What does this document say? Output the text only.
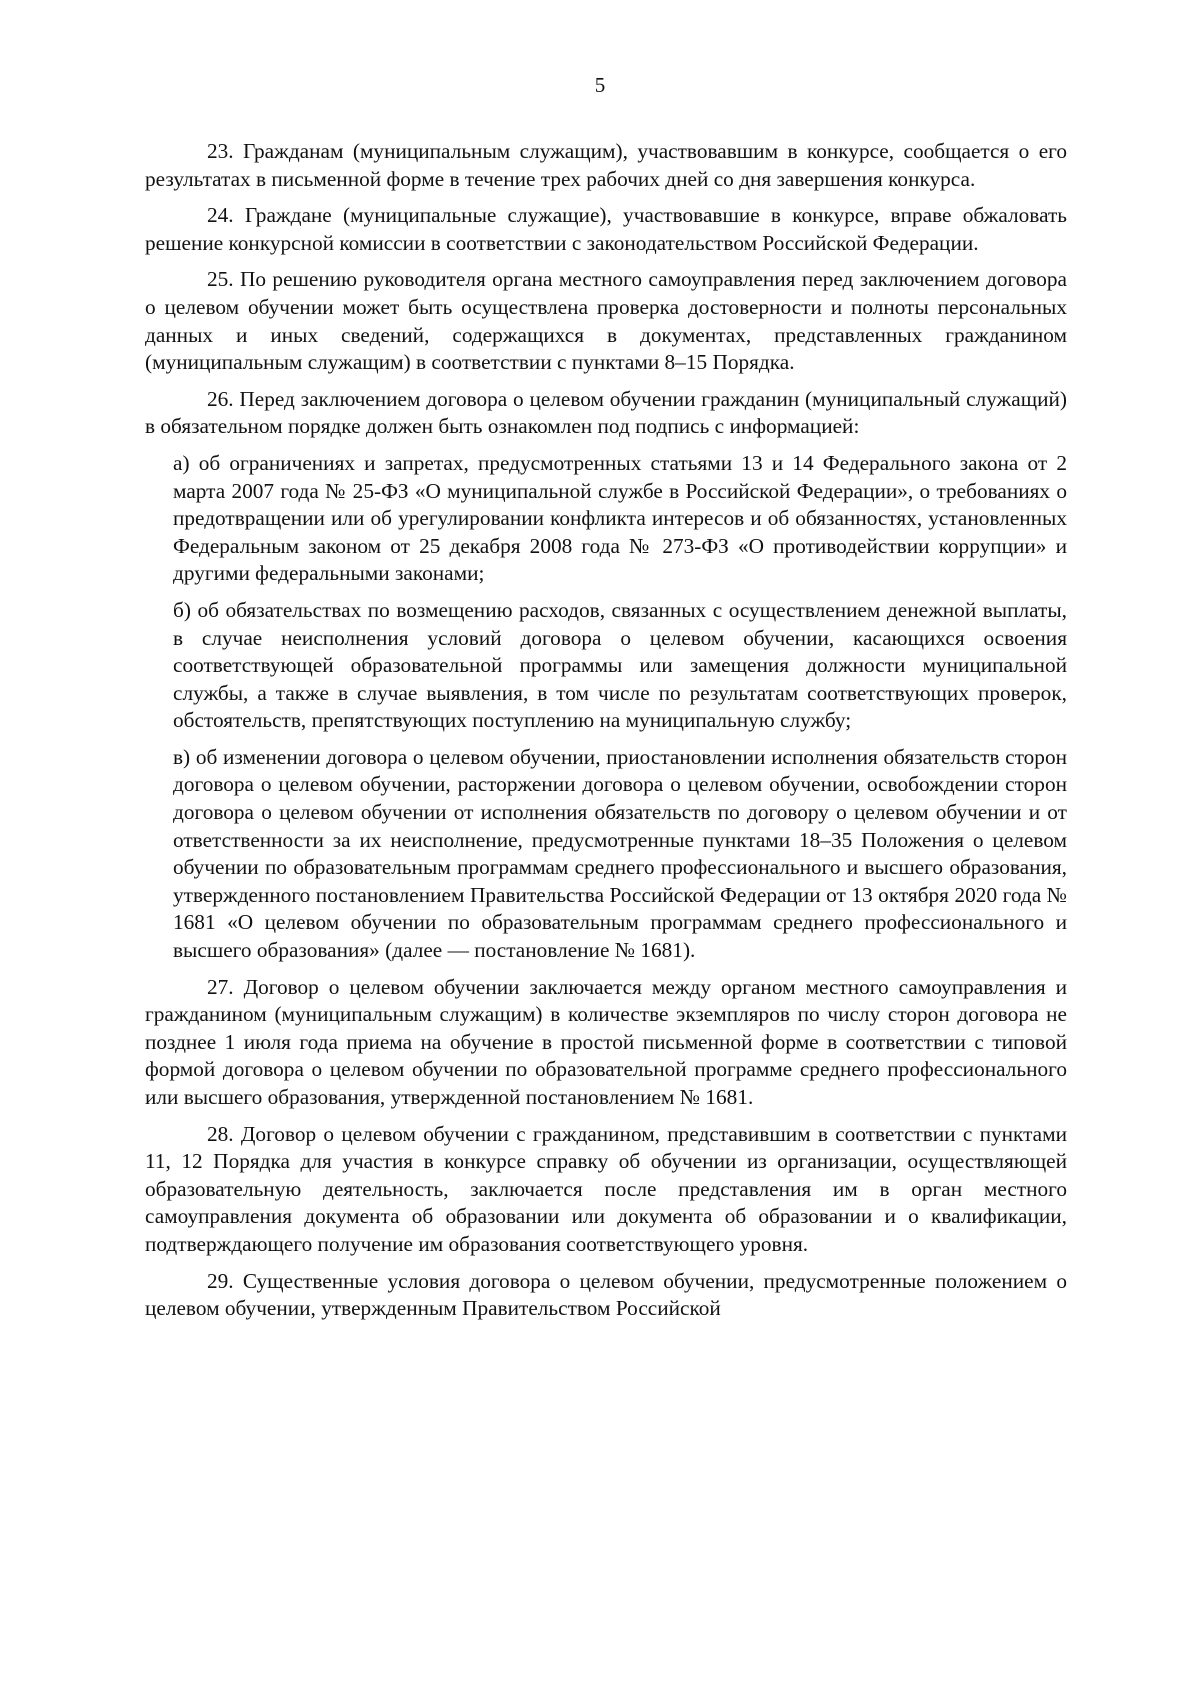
5

23. Гражданам (муниципальным служащим), участвовавшим в конкурсе, сообщается о его результатах в письменной форме в течение трех рабочих дней со дня завершения конкурса.

24. Граждане (муниципальные служащие), участвовавшие в конкурсе, вправе обжаловать решение конкурсной комиссии в соответствии с законодательством Российской Федерации.

25. По решению руководителя органа местного самоуправления перед заключением договора о целевом обучении может быть осуществлена проверка достоверности и полноты персональных данных и иных сведений, содержащихся в документах, представленных гражданином (муниципальным служащим) в соответствии с пунктами 8–15 Порядка.

26. Перед заключением договора о целевом обучении гражданин (муниципальный служащий) в обязательном порядке должен быть ознакомлен под подпись с информацией:

а) об ограничениях и запретах, предусмотренных статьями 13 и 14 Федерального закона от 2 марта 2007 года № 25-ФЗ «О муниципальной службе в Российской Федерации», о требованиях о предотвращении или об урегулировании конфликта интересов и об обязанностях, установленных Федеральным законом от 25 декабря 2008 года № 273-ФЗ «О противодействии коррупции» и другими федеральными законами;

б) об обязательствах по возмещению расходов, связанных с осуществлением денежной выплаты, в случае неисполнения условий договора о целевом обучении, касающихся освоения соответствующей образовательной программы или замещения должности муниципальной службы, а также в случае выявления, в том числе по результатам соответствующих проверок, обстоятельств, препятствующих поступлению на муниципальную службу;

в) об изменении договора о целевом обучении, приостановлении исполнения обязательств сторон договора о целевом обучении, расторжении договора о целевом обучении, освобождении сторон договора о целевом обучении от исполнения обязательств по договору о целевом обучении и от ответственности за их неисполнение, предусмотренные пунктами 18–35 Положения о целевом обучении по образовательным программам среднего профессионального и высшего образования, утвержденного постановлением Правительства Российской Федерации от 13 октября 2020 года № 1681 «О целевом обучении по образовательным программам среднего профессионального и высшего образования» (далее — постановление № 1681).

27. Договор о целевом обучении заключается между органом местного самоуправления и гражданином (муниципальным служащим) в количестве экземпляров по числу сторон договора не позднее 1 июля года приема на обучение в простой письменной форме в соответствии с типовой формой договора о целевом обучении по образовательной программе среднего профессионального или высшего образования, утвержденной постановлением № 1681.

28. Договор о целевом обучении с гражданином, представившим в соответствии с пунктами 11, 12 Порядка для участия в конкурсе справку об обучении из организации, осуществляющей образовательную деятельность, заключается после представления им в орган местного самоуправления документа об образовании или документа об образовании и о квалификации, подтверждающего получение им образования соответствующего уровня.

29. Существенные условия договора о целевом обучении, предусмотренные положением о целевом обучении, утвержденным Правительством Российской
